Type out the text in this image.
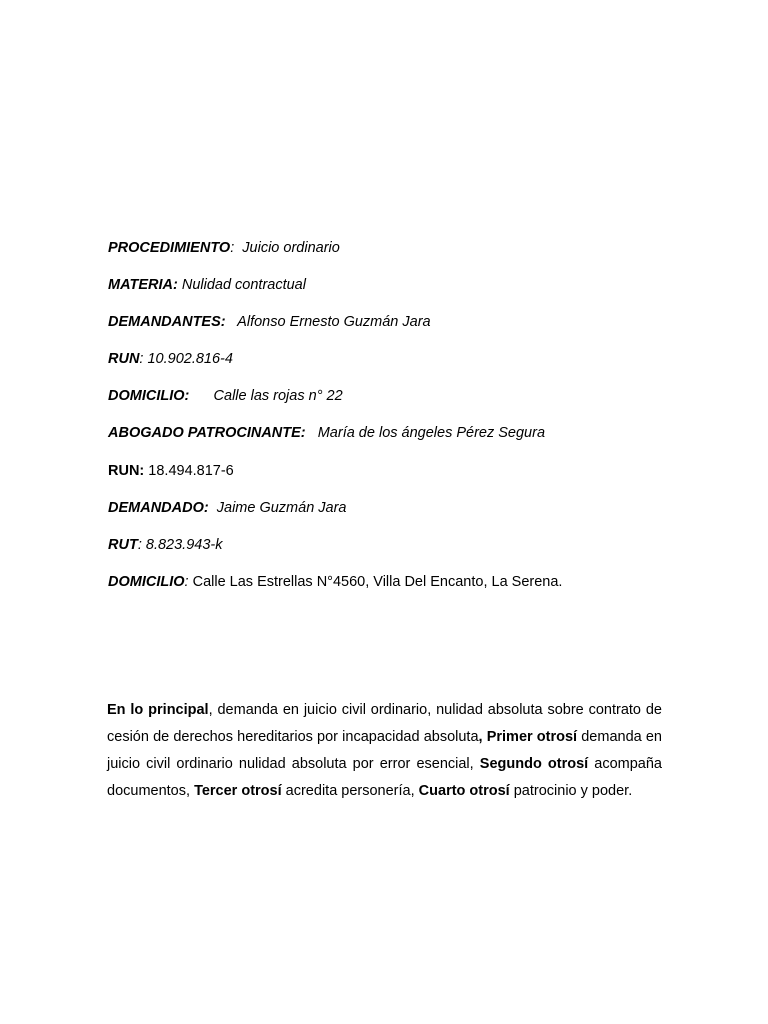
PROCEDIMIENTO:  Juicio ordinario
MATERIA: Nulidad contractual
DEMANDANTES: Alfonso Ernesto Guzmán Jara
RUN: 10.902.816-4
DOMICILIO: Calle las rojas n° 22
ABOGADO PATROCINANTE: María de los ángeles Pérez Segura
RUN: 18.494.817-6
DEMANDADO: Jaime Guzmán Jara
RUT: 8.823.943-k
DOMICILIO: Calle Las Estrellas N°4560, Villa Del Encanto, La Serena.

En lo principal, demanda en juicio civil ordinario, nulidad absoluta sobre contrato de cesión de derechos hereditarios por incapacidad absoluta, Primer otrosí demanda en juicio civil ordinario nulidad absoluta por error esencial, Segundo otrosí acompaña documentos, Tercer otrosí acredita personería, Cuarto otrosí patrocinio y poder.
